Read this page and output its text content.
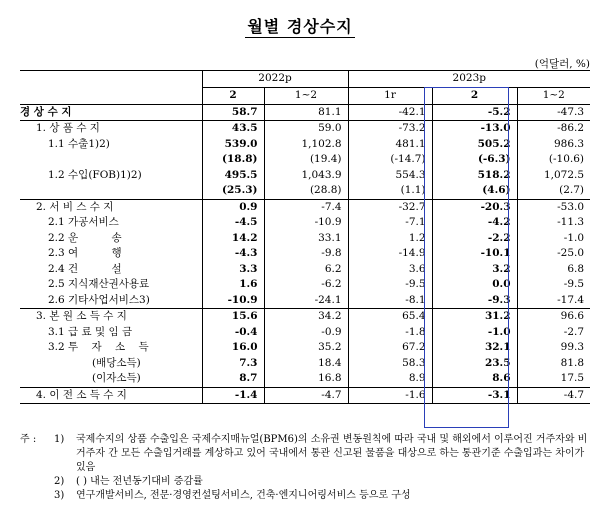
월별 경상수지
(억달러, %)
	2022p		2023p		
	2	1~2	1r	2	1~2
경 상 수 지	58.7	81.1	-42.1	-5.2	-47.3
1. 상 품 수 지	43.5	59.0	-73.2	-13.0	-86.2
1.1 수출1)2)	539.0	1,102.8	481.1	505.2	986.3
	(18.8)	(19.4)	(-14.7)	(-6.3)	(-10.6)
1.2 수입(FOB)1)2)	495.5	1,043.9	554.3	518.2	1,072.5
	(25.3)	(28.8)	(1.1)	(4.6)	(2.7)
2. 서 비 스 수 지	0.9	-7.4	-32.7	-20.3	-53.0
2.1 가공서비스	-4.5	-10.9	-7.1	-4.2	-11.3
2.2 운          송	14.2	33.1	1.2	-2.2	-1.0
2.3 여          행	-4.3	-9.8	-14.9	-10.1	-25.0
2.4 건          설	3.3	6.2	3.6	3.2	6.8
2.5 지식재산권사용료	1.6	-6.2	-9.5	0.0	-9.5
2.6 기타사업서비스3)	-10.9	-24.1	-8.1	-9.3	-17.4
3. 본 원 소 득 수 지	15.6	34.2	65.4	31.2	96.6
3.1 급 료 및 임 금	-0.4	-0.9	-1.8	-1.0	-2.7
3.2 투    자    소    득	16.0	35.2	67.2	32.1	99.3
(배당소득)	7.3	18.4	58.3	23.5	81.8
(이자소득)	8.7	16.8	8.9	8.6	17.5
4. 이 전 소 득 수 지	-1.4	-4.7	-1.6	-3.1	-4.7
주 :	1)	국제수지의 상품 수출입은 국제수지매뉴얼(BPM6)의 소유권 변동원칙에 따라 국내 및 해외에서 이루어진 거주자와 비거주자 간 모든 수출입거래를 계상하고 있어 국내에서 통관 신고된 물품을 대상으로 하는 통관기준 수출입과는 차이가 있음
2)	( ) 내는 전년동기대비 증감률
3)	연구개발서비스, 전문·경영컨설팅서비스, 건축·엔지니어링서비스 등으로 구성
